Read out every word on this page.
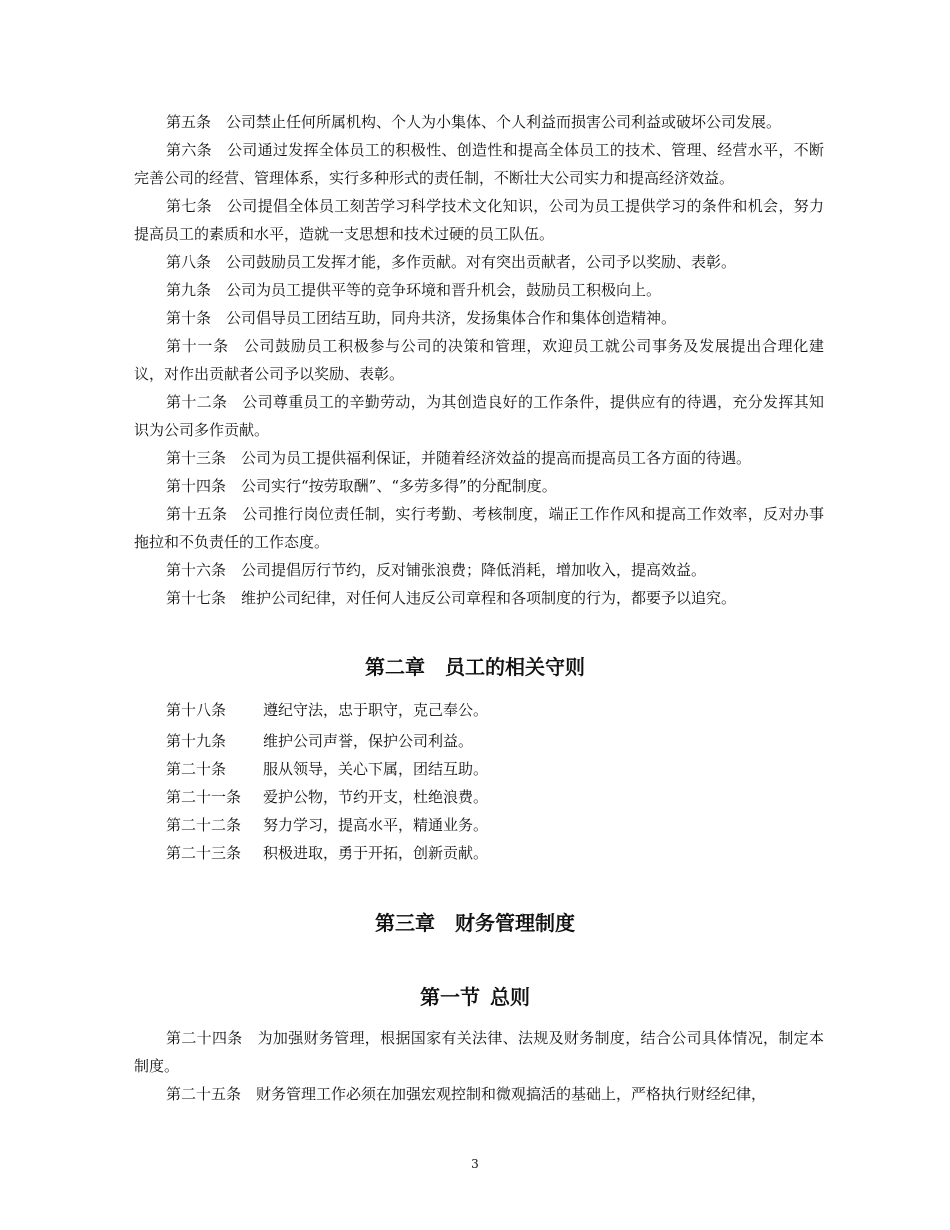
第五条 公司禁止任何所属机构、个人为小集体、个人利益而损害公司利益或破坏公司发展。

第六条 公司通过发挥全体员工的积极性、创造性和提高全体员工的技术、管理、经营水平，不断完善公司的经营、管理体系，实行多种形式的责任制，不断壮大公司实力和提高经济效益。

第七条 公司提倡全体员工刻苦学习科学技术文化知识，公司为员工提供学习的条件和机会，努力提高员工的素质和水平，造就一支思想和技术过硬的员工队伍。

第八条 公司鼓励员工发挥才能，多作贡献。对有突出贡献者，公司予以奖励、表彰。

第九条 公司为员工提供平等的竞争环境和晋升机会，鼓励员工积极向上。

第十条 公司倡导员工团结互助，同舟共济，发扬集体合作和集体创造精神。

第十一条 公司鼓励员工积极参与公司的决策和管理，欢迎员工就公司事务及发展提出合理化建议，对作出贡献者公司予以奖励、表彰。

第十二条 公司尊重员工的辛勤劳动，为其创造良好的工作条件，提供应有的待遇，充分发挥其知识为公司多作贡献。

第十三条 公司为员工提供福利保证，并随着经济效益的提高而提高员工各方面的待遇。

第十四条 公司实行“按劳取酬”、“多劳多得”的分配制度。

第十五条 公司推行岗位责任制，实行考勤、考核制度，端正工作作风和提高工作效率，反对办事拖拉和不负责任的工作态度。

第十六条 公司提倡厉行节约，反对铺张浪费；降低消耗，增加收入，提高效益。

第十七条 维护公司纪律，对任何人违反公司章程和各项制度的行为，都要予以追究。

第二章 员工的相关守则
第十八条	遵纪守法，忠于职守，克己奉公。
第十九条	维护公司声誉，保护公司利益。
第二十条	服从领导，关心下属，团结互助。
第二十一条	爱护公物，节约开支，杜绝浪费。
第二十二条	努力学习，提高水平，精通业务。
第二十三条	积极进取，勇于开拓，创新贡献。
第三章 财务管理制度
第一节 总则

第二十四条 为加强财务管理，根据国家有关法律、法规及财务制度，结合公司具体情况，制定本制度。

第二十五条 财务管理工作必须在加强宏观控制和微观搞活的基础上，严格执行财经纪律，

3
